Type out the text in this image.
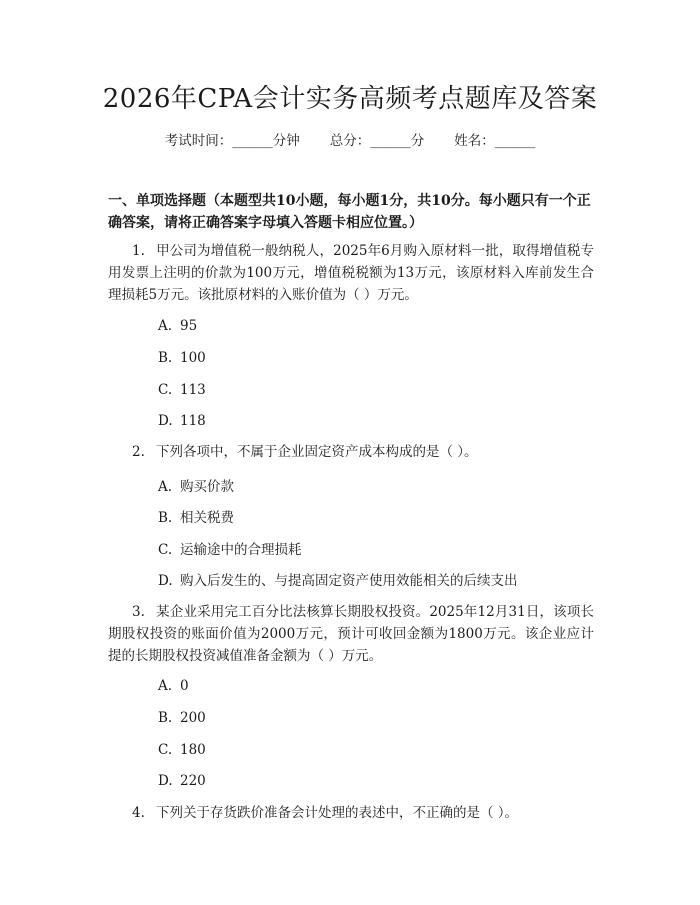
2026年CPA会计实务高频考点题库及答案
考试时间：______分钟 总分：______分 姓名：______
一、单项选择题（本题型共10小题，每小题1分，共10分。每小题只有一个正确答案，请将正确答案字母填入答题卡相应位置。）
1. 甲公司为增值税一般纳税人，2025年6月购入原材料一批，取得增值税专用发票上注明的价款为100万元，增值税税额为13万元，该原材料入库前发生合理损耗5万元。该批原材料的入账价值为（ ）万元。
A. 95
B. 100
C. 113
D. 118
2. 下列各项中，不属于企业固定资产成本构成的是（ ）。
A. 购买价款
B. 相关税费
C. 运输途中的合理损耗
D. 购入后发生的、与提高固定资产使用效能相关的后续支出
3. 某企业采用完工百分比法核算长期股权投资。2025年12月31日，该项长期股权投资的账面价值为2000万元，预计可收回金额为1800万元。该企业应计提的长期股权投资减值准备金额为（ ）万元。
A. 0
B. 200
C. 180
D. 220
4. 下列关于存货跌价准备会计处理的表述中，不正确的是（ ）。
